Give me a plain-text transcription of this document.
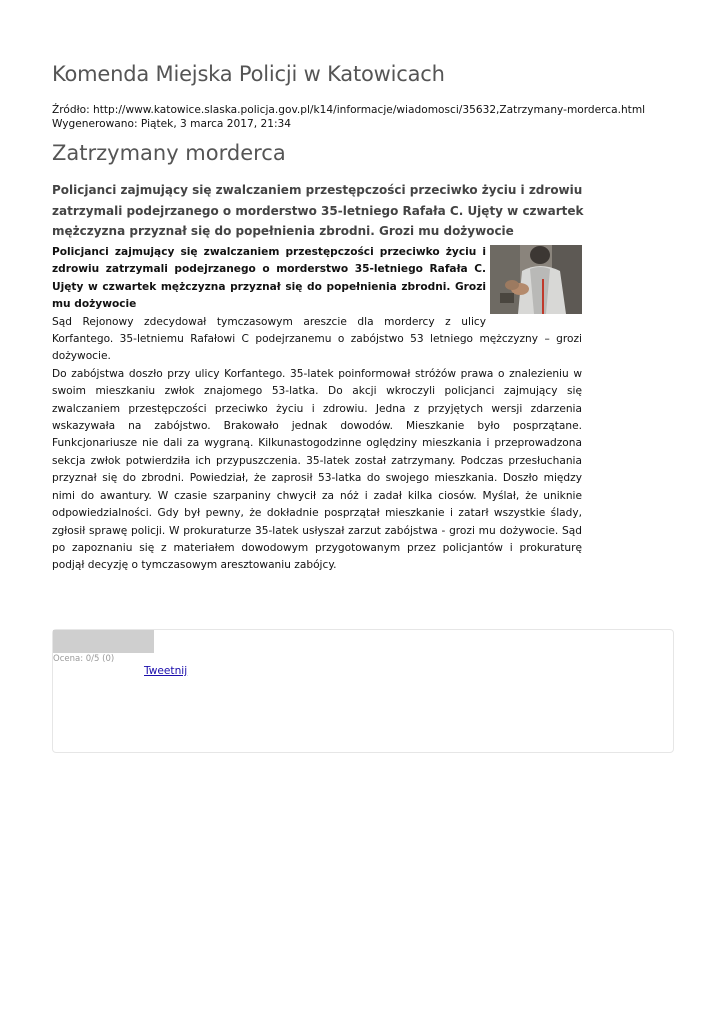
Komenda Miejska Policji w Katowicach
Źródło: http://www.katowice.slaska.policja.gov.pl/k14/informacje/wiadomosci/35632,Zatrzymany-morderca.html
Wygenerowano: Piątek, 3 marca 2017, 21:34
Zatrzymany morderca

Policjanci zajmujący się zwalczaniem przestępczości przeciwko życiu i zdrowiu zatrzymali podejrzanego o morderstwo 35-letniego Rafała C. Ujęty w czwartek mężczyzna przyznał się do popełnienia zbrodni. Grozi mu dożywocie

Policjanci zajmujący się zwalczaniem przestępczości przeciwko życiu i zdrowiu zatrzymali podejrzanego o morderstwo 35-letniego Rafała C. Ujęty w czwartek mężczyzna przyznał się do popełnienia zbrodni. Grozi mu dożywocie

Sąd Rejonowy zdecydował tymczasowym areszcie dla mordercy z ulicy Korfantego. 35-letniemu Rafałowi C podejrzanemu o zabójstwo 53 letniego mężczyzny – grozi dożywocie.

Do zabójstwa doszło przy ulicy Korfantego. 35-latek poinformował stróżów prawa o znalezieniu w swoim mieszkaniu zwłok znajomego 53-latka. Do akcji wkroczyli policjanci zajmujący się zwalczaniem przestępczości przeciwko życiu i zdrowiu. Jedna z przyjętych wersji zdarzenia wskazywała na zabójstwo. Brakowało jednak dowodów. Mieszkanie było posprzątane. Funkcjonariusze nie dali za wygraną. Kilkunastogodzinne oględziny mieszkania i przeprowadzona sekcja zwłok potwierdziła ich przypuszczenia. 35-latek został zatrzymany. Podczas przesłuchania przyznał się do zbrodni. Powiedział, że zaprosił 53-latka do swojego mieszkania. Doszło między nimi do awantury. W czasie szarpaniny chwycił za nóż i zadał kilka ciosów. Myślał, że uniknie odpowiedzialności. Gdy był pewny, że dokładnie posprzątał mieszkanie i zatarł wszystkie ślady, zgłosił sprawę policji. W prokuraturze 35-latek usłyszał zarzut zabójstwa - grozi mu dożywocie. Sąd po zapoznaniu się z materiałem dowodowym przygotowanym przez policjantów i prokuraturę podjął decyzję o tymczasowym aresztowaniu zabójcy.

Ocena: 0/5 (0)
Tweetnij
